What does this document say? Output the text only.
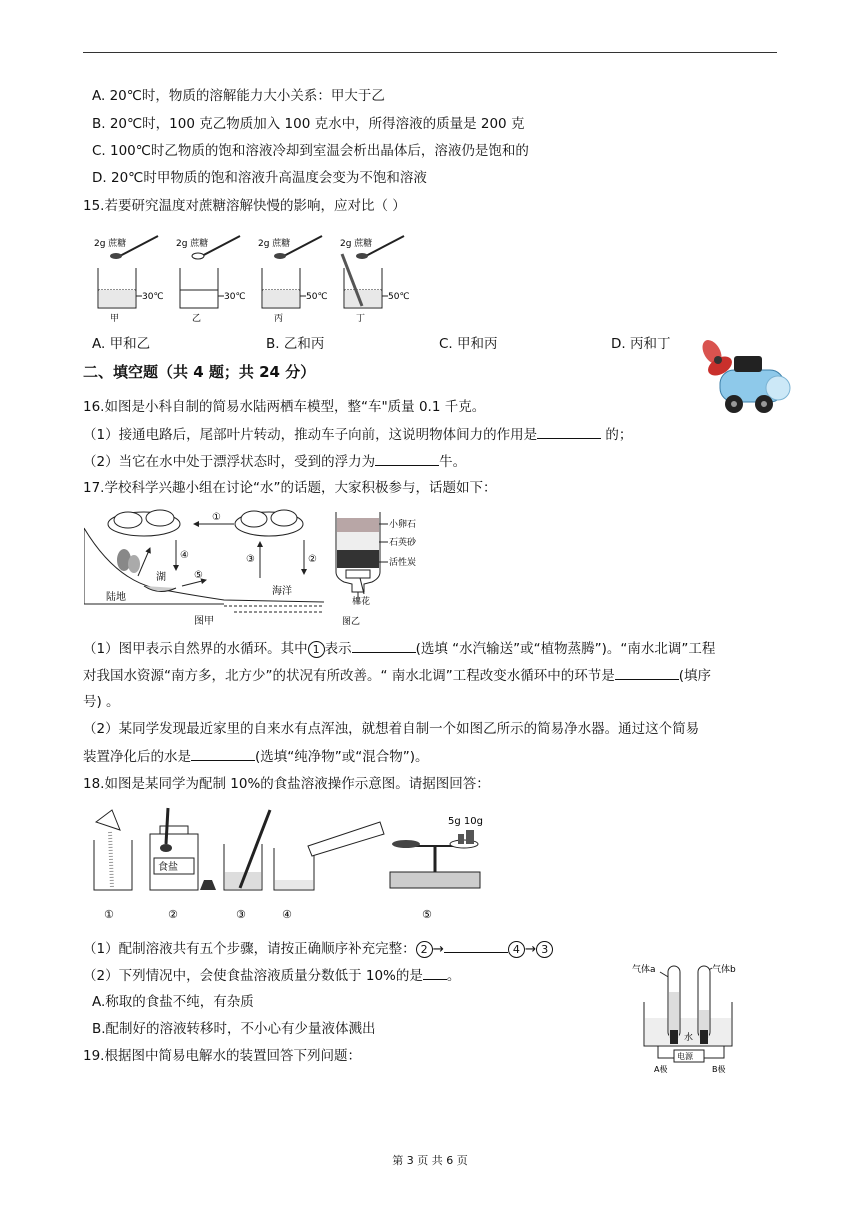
A. 20℃时，物质的溶解能力大小关系：甲大于乙
B. 20℃时，100 克乙物质加入 100 克水中，所得溶液的质量是 200 克
C. 100℃时乙物质的饱和溶液冷却到室温会析出晶体后，溶液仍是饱和的
D. 20℃时甲物质的饱和溶液升高温度会变为不饱和溶液
15.若要研究温度对蔗糖溶解快慢的影响，应对比（ ）
2g 蔗糖
30℃
甲
2g 蔗糖
30℃
乙
2g 蔗糖
50℃
丙
2g 蔗糖
50℃
丁
A. 甲和乙	B. 乙和丙	C. 甲和丙	D. 丙和丁
二、填空题（共 4 题；共 24 分）
16.如图是小科自制的简易水陆两栖车模型，整“车"质量 0.1 千克。
（1）接通电路后，尾部叶片转动，推动车子向前，这说明物体间力的作用是	的；
（2）当它在水中处于漂浮状态时，受到的浮力为	牛。
17.学校科学兴趣小组在讨论“水”的话题，大家积极参与，话题如下：
①
②
③
④
⑤
湖
海洋
陆地
图甲
小卵石
石英砂
活性炭
棉花
图乙
（1）图甲表示自然界的水循环。其中 1 表示	(选填 “水汽输送”或“植物蒸腾”)。“南水北调”工程
对我国水资源“南方多，北方少”的状况有所改善。“ 南水北调”工程改变水循环中的环节是	(填序
号) 。
（2）某同学发现最近家里的自来水有点浑浊，就想着自制一个如图乙所示的简易净水器。通过这个简易
装置净化后的水是	(选填“纯净物”或“混合物”)。
18.如图是某同学为配制 10%的食盐溶液操作示意图。请据图回答：
①
食盐
②	③	④
5g 10g
⑤
（1）配制溶液共有五个步骤，请按正确顺序补充完整： 2 →	4 → 3
（2）下列情况中，会使食盐溶液质量分数低于 10%的是 。
A.称取的食盐不纯，有杂质
B.配制好的溶液转移时，不小心有少量液体溅出
气体a	气体b
水
电源
A极	B极
19.根据图中简易电解水的装置回答下列问题：
第 3 页 共 6 页
